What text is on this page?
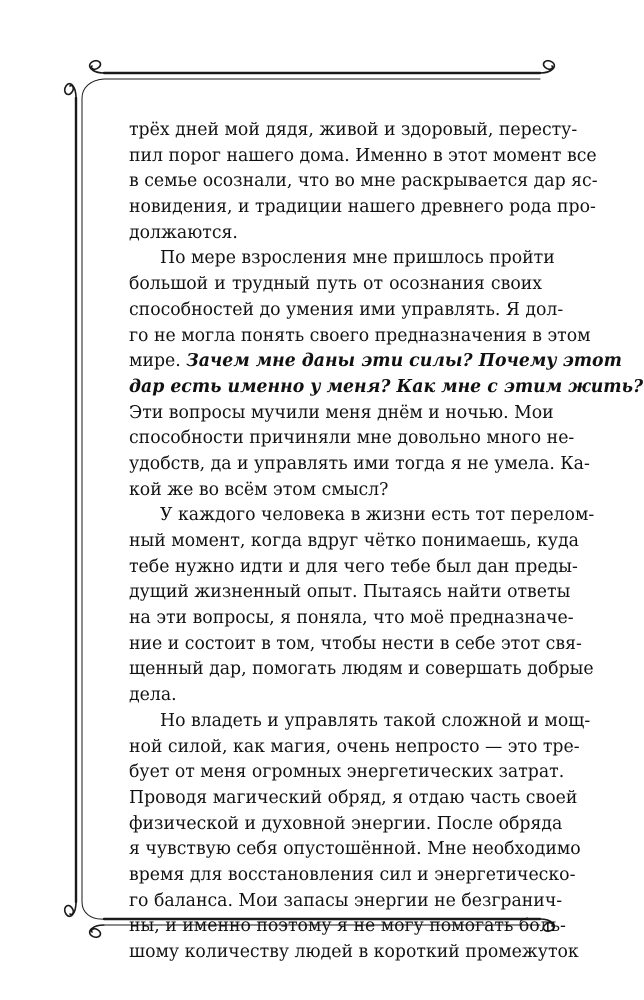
трёх дней мой дядя, живой и здоровый, пересту-
пил порог нашего дома. Именно в этот момент все
в семье осознали, что во мне раскрывается дар яс-
новидения, и традиции нашего древнего рода про-
должаются.
По мере взросления мне пришлось пройти
большой и трудный путь от осознания своих
способностей до умения ими управлять. Я дол-
го не могла понять своего предназначения в этом
мире. Зачем мне даны эти силы? Почему этот
дар есть именно у меня? Как мне с этим жить?
Эти вопросы мучили меня днём и ночью. Мои
способности причиняли мне довольно много не-
удобств, да и управлять ими тогда я не умела. Ка-
кой же во всём этом смысл?
У каждого человека в жизни есть тот перелом-
ный момент, когда вдруг чётко понимаешь, куда
тебе нужно идти и для чего тебе был дан преды-
дущий жизненный опыт. Пытаясь найти ответы
на эти вопросы, я поняла, что моё предназначе-
ние и состоит в том, чтобы нести в себе этот свя-
щенный дар, помогать людям и совершать добрые
дела.
Но владеть и управлять такой сложной и мощ-
ной силой, как магия, очень непросто — это тре-
бует от меня огромных энергетических затрат.
Проводя магический обряд, я отдаю часть своей
физической и духовной энергии. После обряда
я чувствую себя опустошённой. Мне необходимо
время для восстановления сил и энергетическо-
го баланса. Мои запасы энергии не безгранич-
ны, и именно поэтому я не могу помогать боль-
шому количеству людей в короткий промежуток
